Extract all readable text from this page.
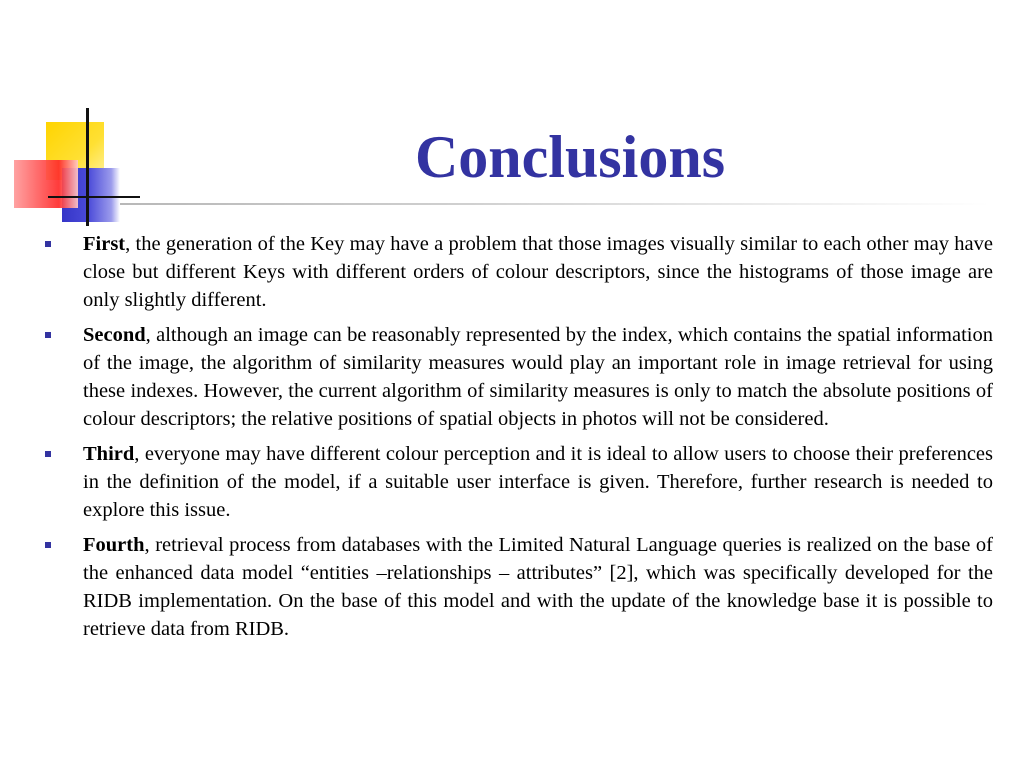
Conclusions
First, the generation of the Key may have a problem that those images visually similar to each other may have close but different Keys with different orders of colour descriptors, since the histograms of those image are only slightly different.
Second, although an image can be reasonably represented by the index, which contains the spatial information of the image, the algorithm of similarity measures would play an important role in image retrieval for using these indexes. However, the current algorithm of similarity measures is only to match the absolute positions of colour descriptors; the relative positions of spatial objects in photos will not be considered.
Third, everyone may have different colour perception and it is ideal to allow users to choose their preferences in the definition of the model, if a suitable user interface is given. Therefore, further research is needed to explore this issue.
Fourth, retrieval process from databases with the Limited Natural Language queries is realized on the base of the enhanced data model “entities –relationships – attributes” [2], which was specifically developed for the RIDB implementation. On the base of this model and with the update of the knowledge base it is possible to retrieve data from RIDB.
